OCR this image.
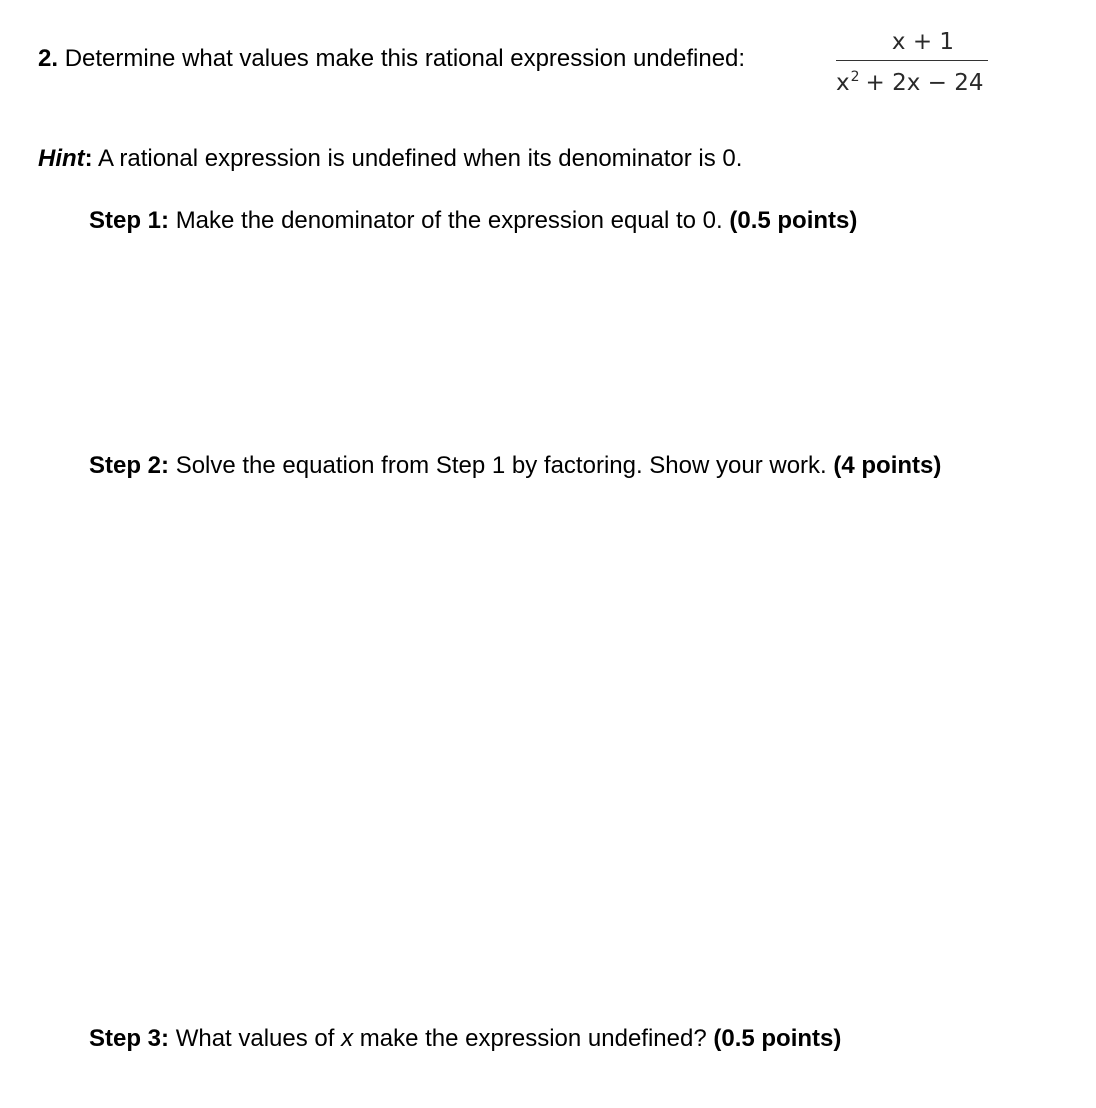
2. Determine what values make this rational expression undefined:
x + 1
$x^2 + 2x - 24$
Hint: A rational expression is undefined when its denominator is 0.
Step 1: Make the denominator of the expression equal to 0. (0.5 points)
Step 2: Solve the equation from Step 1 by factoring. Show your work. (4 points)
Step 3: What values of x make the expression undefined? (0.5 points)
